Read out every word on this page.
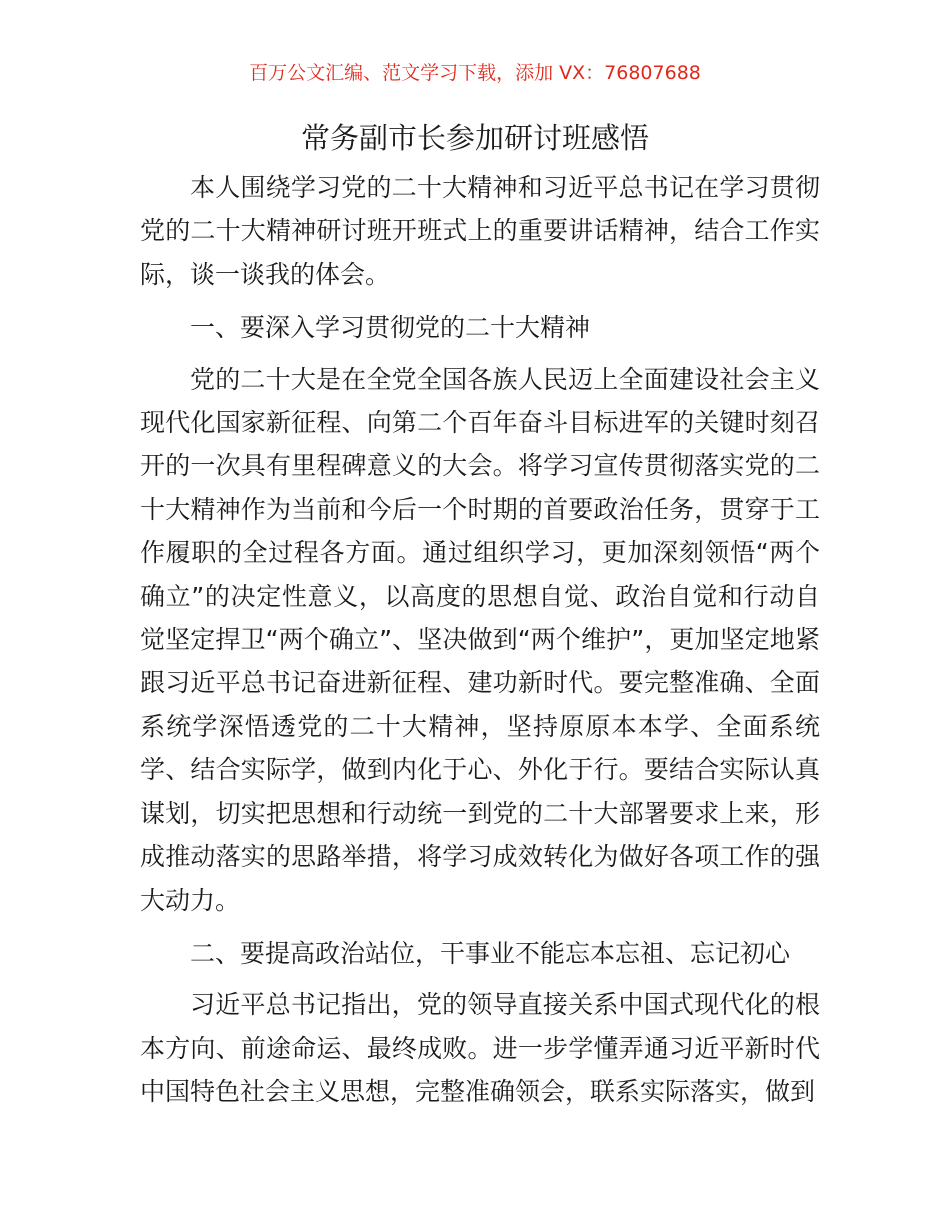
百万公文汇编、范文学习下载，添加 VX：76807688
常务副市长参加研讨班感悟

本人围绕学习党的二十大精神和习近平总书记在学习贯彻党的二十大精神研讨班开班式上的重要讲话精神，结合工作实际，谈一谈我的体会。

一、要深入学习贯彻党的二十大精神

党的二十大是在全党全国各族人民迈上全面建设社会主义现代化国家新征程、向第二个百年奋斗目标进军的关键时刻召开的一次具有里程碑意义的大会。将学习宣传贯彻落实党的二十大精神作为当前和今后一个时期的首要政治任务，贯穿于工作履职的全过程各方面。通过组织学习，更加深刻领悟“两个确立”的决定性意义，以高度的思想自觉、政治自觉和行动自觉坚定捍卫“两个确立”、坚决做到“两个维护”，更加坚定地紧跟习近平总书记奋进新征程、建功新时代。要完整准确、全面系统学深悟透党的二十大精神，坚持原原本本学、全面系统学、结合实际学，做到内化于心、外化于行。要结合实际认真谋划，切实把思想和行动统一到党的二十大部署要求上来，形成推动落实的思路举措，将学习成效转化为做好各项工作的强大动力。

二、要提高政治站位，干事业不能忘本忘祖、忘记初心

习近平总书记指出，党的领导直接关系中国式现代化的根本方向、前途命运、最终成败。进一步学懂弄通习近平新时代中国特色社会主义思想，完整准确领会，联系实际落实，做到
